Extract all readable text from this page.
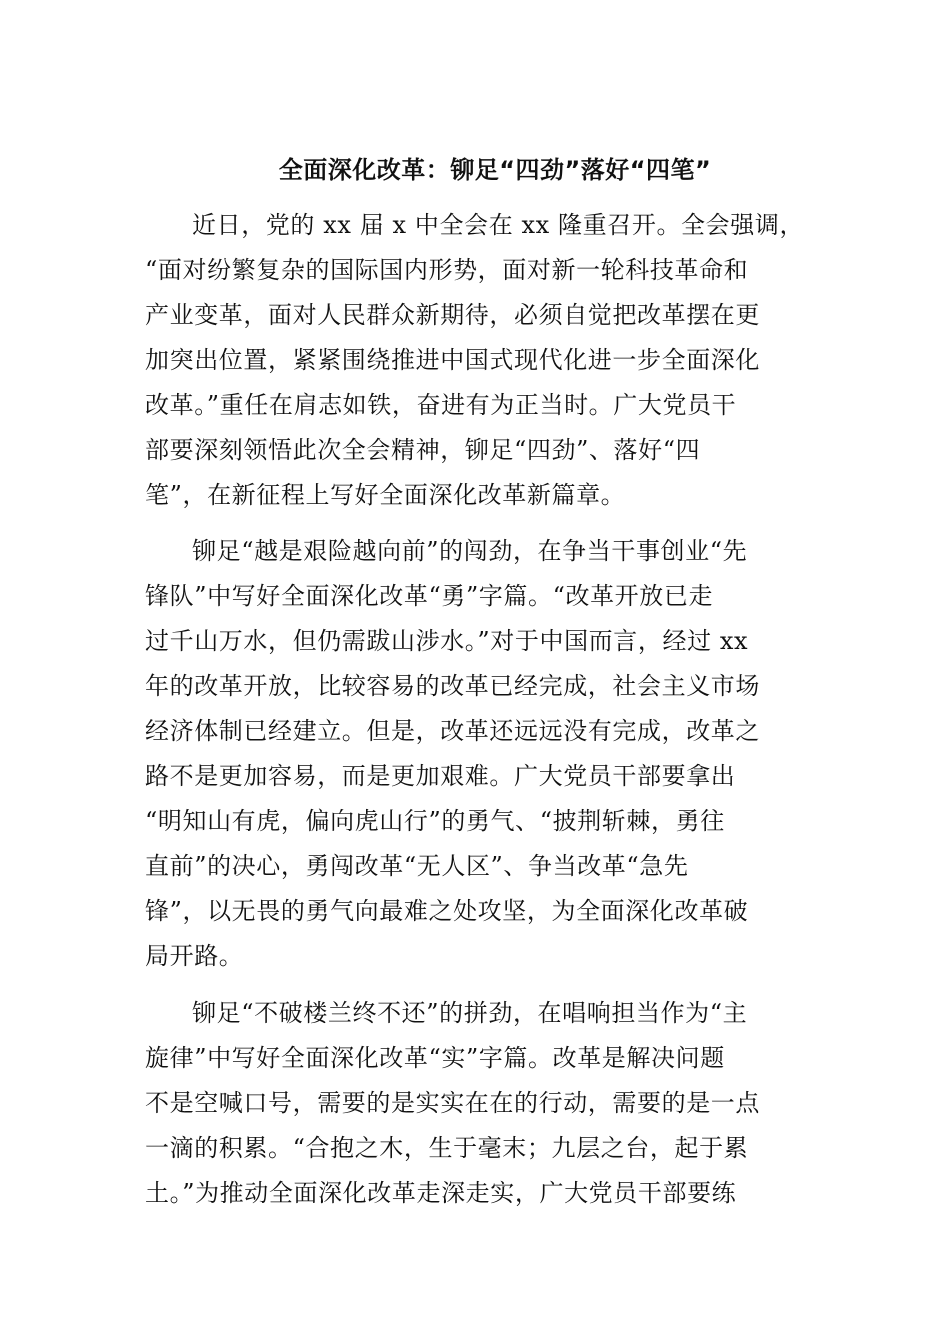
全面深化改革：铆足“四劲”落好“四笔”
近日，党的 xx 届 x 中全会在 xx 隆重召开。全会强调，
“面对纷繁复杂的国际国内形势，面对新一轮科技革命和
产业变革，面对人民群众新期待，必须自觉把改革摆在更
加突出位置，紧紧围绕推进中国式现代化进一步全面深化
改革。”重任在肩志如铁，奋进有为正当时。广大党员干
部要深刻领悟此次全会精神，铆足“四劲”、落好“四
笔”，在新征程上写好全面深化改革新篇章。
铆足“越是艰险越向前”的闯劲，在争当干事创业“先
锋队”中写好全面深化改革“勇”字篇。“改革开放已走
过千山万水，但仍需跋山涉水。”对于中国而言，经过 xx
年的改革开放，比较容易的改革已经完成，社会主义市场
经济体制已经建立。但是，改革还远远没有完成，改革之
路不是更加容易，而是更加艰难。广大党员干部要拿出
“明知山有虎，偏向虎山行”的勇气、“披荆斩棘，勇往
直前”的决心，勇闯改革“无人区”、争当改革“急先
锋”，以无畏的勇气向最难之处攻坚，为全面深化改革破
局开路。
铆足“不破楼兰终不还”的拼劲，在唱响担当作为“主
旋律”中写好全面深化改革“实”字篇。改革是解决问题
不是空喊口号，需要的是实实在在的行动，需要的是一点
一滴的积累。“合抱之木，生于毫末；九层之台，起于累
土。”为推动全面深化改革走深走实，广大党员干部要练
